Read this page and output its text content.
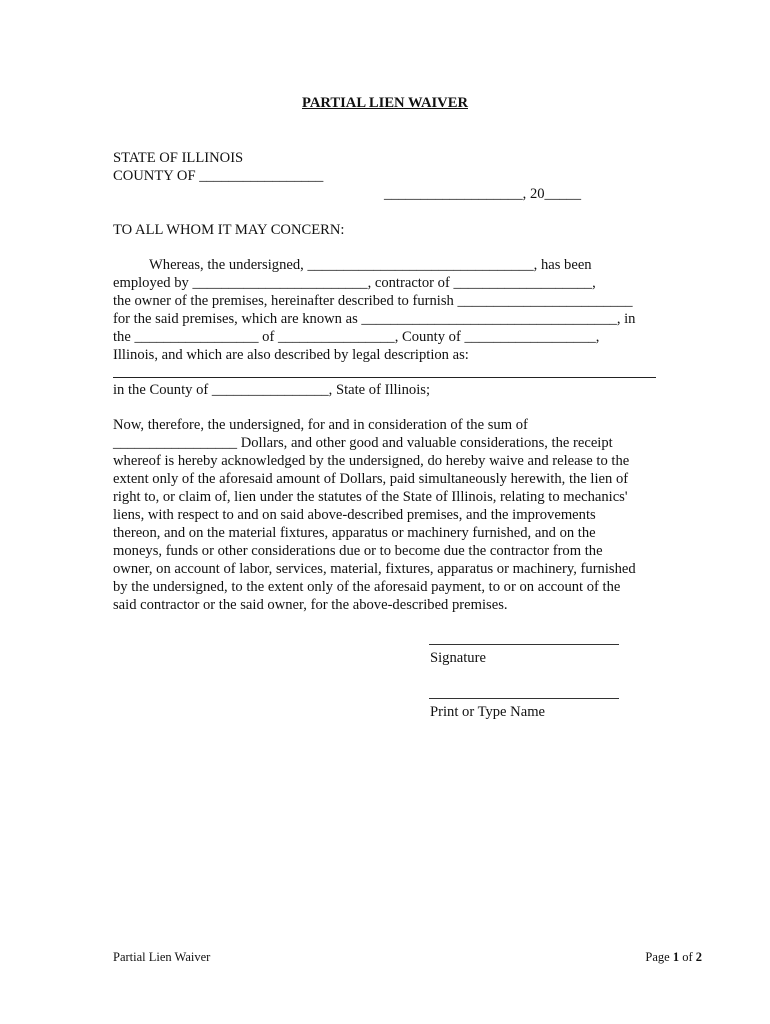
PARTIAL LIEN WAIVER
STATE OF ILLINOIS
COUNTY OF _________________
___________________, 20_____
TO ALL WHOM IT MAY CONCERN:
Whereas, the undersigned, _______________________________, has been
employed by ________________________, contractor of ___________________,
the owner of the premises, hereinafter described to furnish ________________________
for the said premises, which are known as ___________________________________, in
the _________________ of ________________, County of __________________,
Illinois, and which are also described by legal description as:
in the County of ________________, State of Illinois;
Now, therefore, the undersigned, for and in consideration of the sum of
_________________ Dollars, and other good and valuable considerations, the receipt
whereof is hereby acknowledged by the undersigned, do hereby waive and release to the
extent only of the aforesaid amount of Dollars, paid simultaneously herewith, the lien of
right to, or claim of, lien under the statutes of the State of Illinois, relating to mechanics'
liens, with respect to and on said above-described premises, and the improvements
thereon, and on the material fixtures, apparatus or machinery furnished, and on the
moneys, funds or other considerations due or to become due the contractor from the
owner, on account of labor, services, material, fixtures, apparatus or machinery, furnished
by the undersigned, to the extent only of the aforesaid payment, to or on account of the
said contractor or the said owner, for the above-described premises.
Signature
Print or Type Name
Partial Lien Waiver	Page 1 of 2
